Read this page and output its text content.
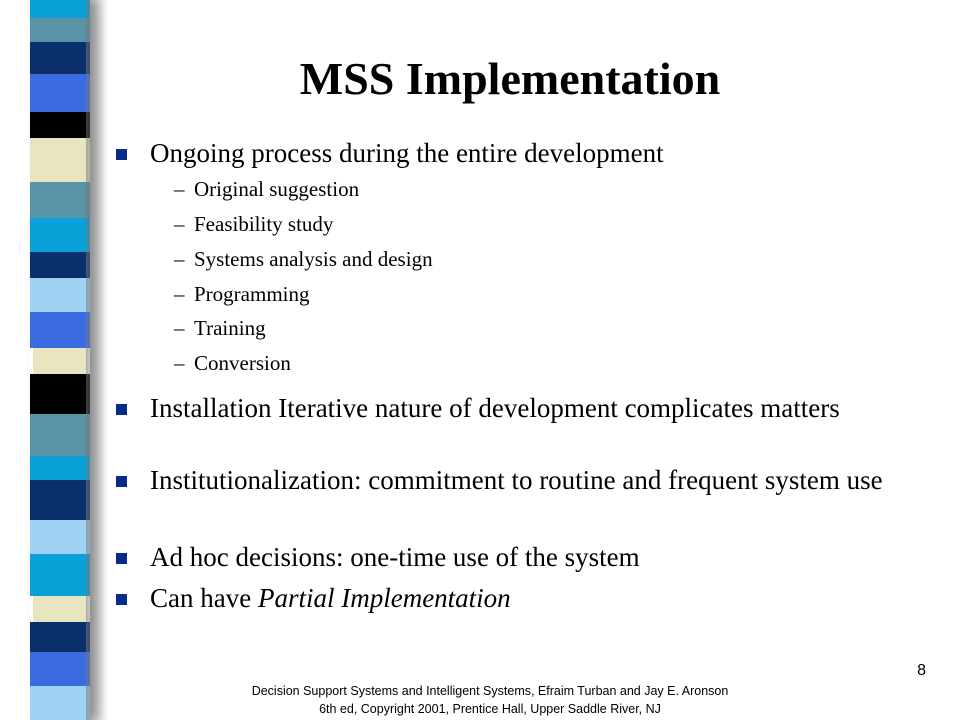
MSS Implementation
Ongoing process during the entire development
– Original suggestion
– Feasibility study
– Systems analysis and design
– Programming
– Training
– Conversion
Installation Iterative nature of development complicates matters
Institutionalization: commitment to routine and frequent system use
Ad hoc decisions: one-time use of the system
Can have Partial Implementation
8
Decision Support Systems and Intelligent Systems, Efraim Turban and Jay E. Aronson
6th ed, Copyright 2001, Prentice Hall, Upper Saddle River, NJ
